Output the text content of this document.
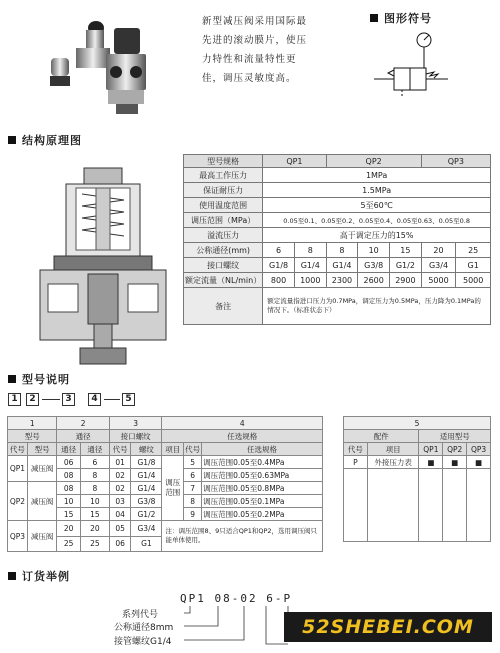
新型减压阀采用国际最先进的滚动膜片，使压力特性和流量特性更佳，调压灵敏度高。
图形符号
结构原理图
型号规格	QP1		QP2			QP3	
最高工作压力	1MPa						
保证耐压力	1.5MPa						
使用温度范围	5至60℃						
调压范围（MPa）	0.05至0.1、0.05至0.2、0.05至0.4、0.05至0.63、0.05至0.8						
溢流压力	高于调定压力的15%						
公称通径(mm)	6	8	8	10	15	20	25
接口螺纹	G1/8	G1/4	G1/4	G3/8	G1/2	G3/4	G1
额定流量（NL/min）	800	1000	2300	2600	2900	5000	5000
备注	额定流量指进口压力为0.7MPa，调定压力为0.5MPa，压力降为0.1MPa的情况下。（标准状态下）						
型号说明
1	2	3	4	5
1		2		3		4		
型号		通径		接口螺纹		任选规格		
代号	型号	通径	通径	代号	螺纹	项目	代号	任选规格
QP1	减压阀	06	6	01	G1/8	调压范围	5	调压范围0.05至0.4MPa
		08	8	02	G1/4		6	调压范围0.05至0.63MPa
QP2	减压阀	08	8	02	G1/4		7	调压范围0.05至0.8MPa
		10	10	03	G3/8		8	调压范围0.05至0.1MPa
		15	15	04	G1/2		9	调压范围0.05至0.2MPa
QP3	减压阀	20	20	05	G3/4	注：调压范围8、9只适合QP1和QP2，选用调压阀只能单体使用。		
		25	25	06	G1			
5				
配件		适用型号		
代号	项目	QP1	QP2	QP3
P	外接压力表	■	■	■

订货举例
QP1 08-02 6-P
系列代号
公称通径8mm
接管螺纹G1/4
52SHEBEI.COM
